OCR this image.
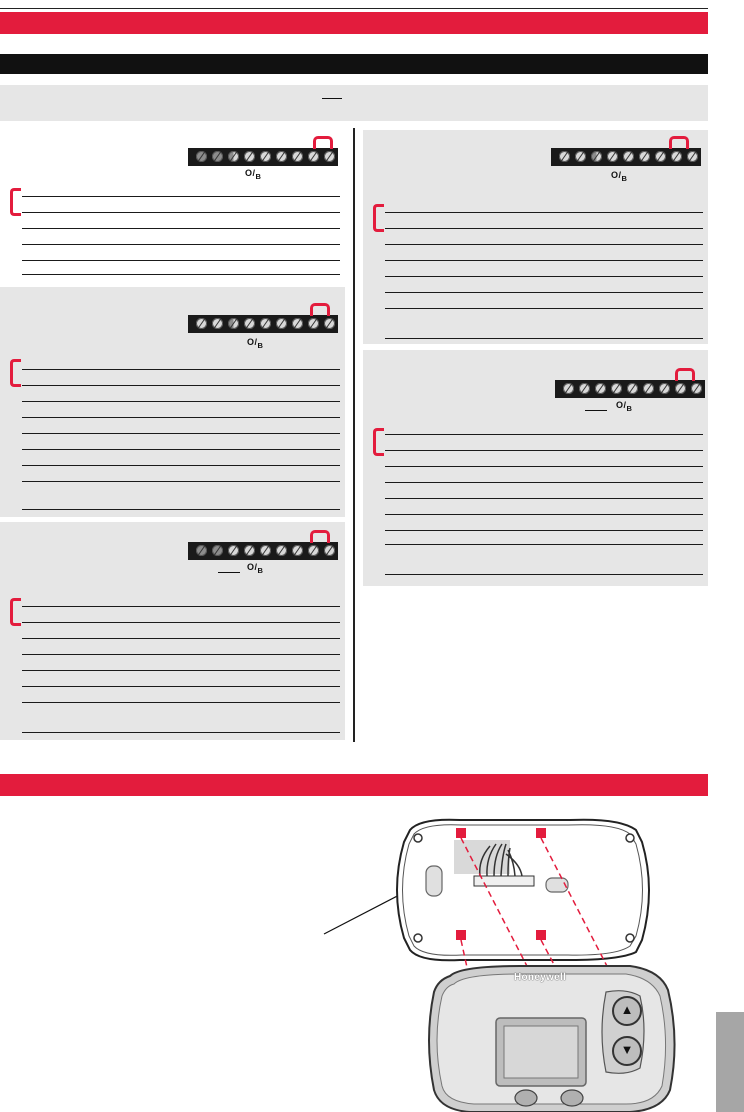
$O/_B$
$O/_B$
$O/_B$
$O/_B$
$O/_B$
Honeywell
▲
▼
